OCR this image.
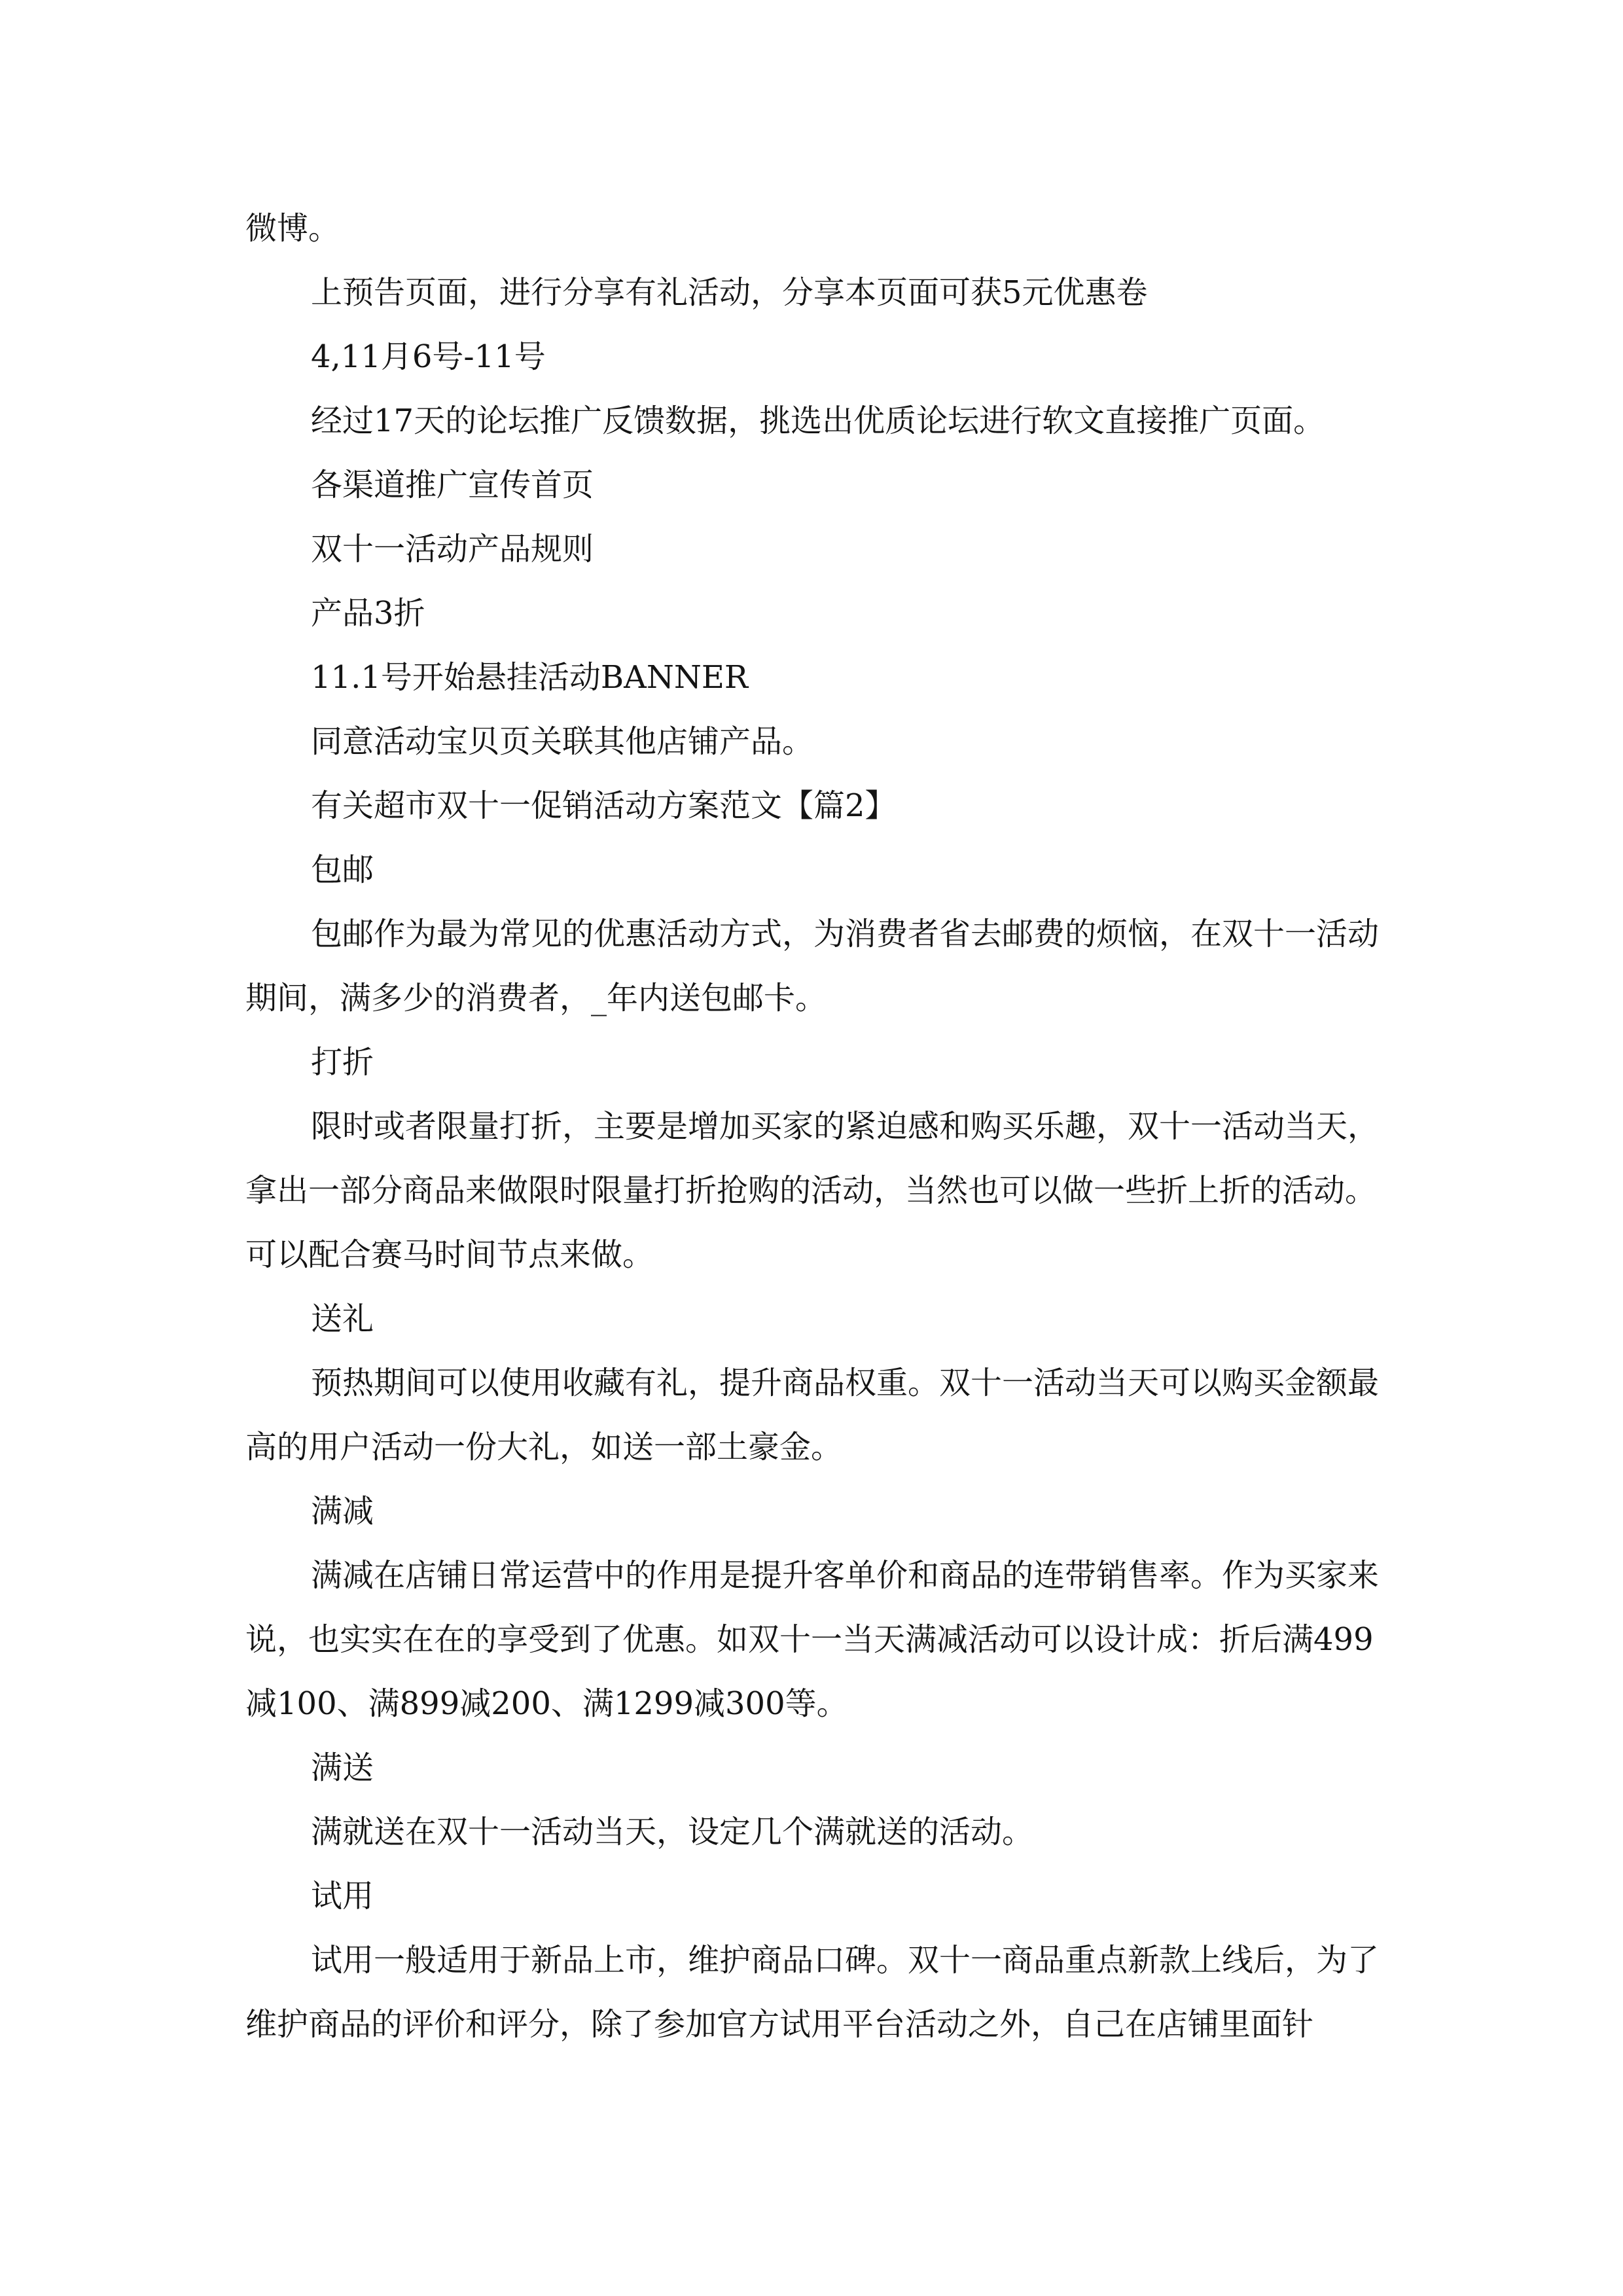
微博。

上预告页面，进行分享有礼活动，分享本页面可获5元优惠卷

4,11月6号-11号

经过17天的论坛推广反馈数据，挑选出优质论坛进行软文直接推广页面。

各渠道推广宣传首页

双十一活动产品规则

产品3折

11.1号开始悬挂活动BANNER

同意活动宝贝页关联其他店铺产品。

有关超市双十一促销活动方案范文【篇2】

包邮

包邮作为最为常见的优惠活动方式，为消费者省去邮费的烦恼，在双十一活动期间，满多少的消费者，_年内送包邮卡。

打折

限时或者限量打折，主要是增加买家的紧迫感和购买乐趣，双十一活动当天，拿出一部分商品来做限时限量打折抢购的活动，当然也可以做一些折上折的活动。可以配合赛马时间节点来做。

送礼

预热期间可以使用收藏有礼，提升商品权重。双十一活动当天可以购买金额最高的用户活动一份大礼，如送一部土豪金。

满减

满减在店铺日常运营中的作用是提升客单价和商品的连带销售率。作为买家来说，也实实在在的享受到了优惠。如双十一当天满减活动可以设计成：折后满499减100、满899减200、满1299减300等。

满送

满就送在双十一活动当天，设定几个满就送的活动。

试用

试用一般适用于新品上市，维护商品口碑。双十一商品重点新款上线后，为了维护商品的评价和评分，除了参加官方试用平台活动之外，自己在店铺里面针
